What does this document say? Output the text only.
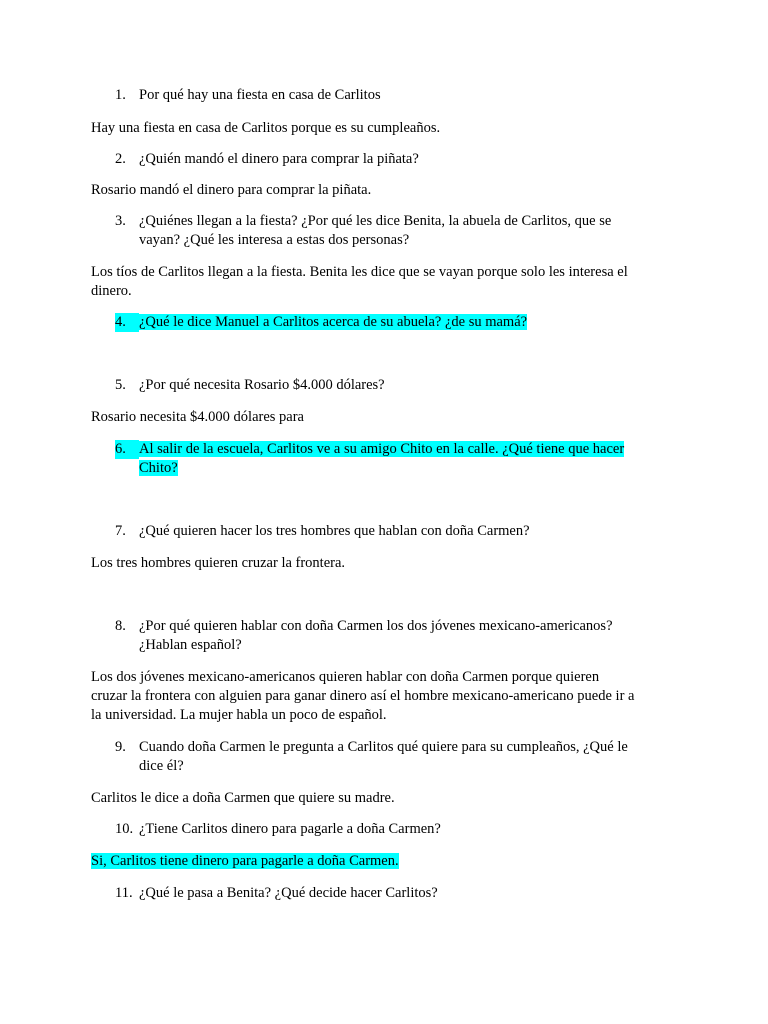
1. Por qué hay una fiesta en casa de Carlitos
Hay una fiesta en casa de Carlitos porque es su cumpleaños.
2. ¿Quién mandó el dinero para comprar la piñata?
Rosario mandó el dinero para comprar la piñata.
3. ¿Quiénes llegan a la fiesta? ¿Por qué les dice Benita, la abuela de Carlitos, que se
vayan? ¿Qué les interesa a estas dos personas?
Los tíos de Carlitos llegan a la fiesta. Benita les dice que se vayan porque solo les interesa el
dinero.
4. ¿Qué le dice Manuel a Carlitos acerca de su abuela? ¿de su mamá?
5. ¿Por qué necesita Rosario $4.000 dólares?
Rosario necesita $4.000 dólares para
6. Al salir de la escuela, Carlitos ve a su amigo Chito en la calle. ¿Qué tiene que hacer
Chito?
7. ¿Qué quieren hacer los tres hombres que hablan con doña Carmen?
Los tres hombres quieren cruzar la frontera.
8. ¿Por qué quieren hablar con doña Carmen los dos jóvenes mexicano-americanos?
¿Hablan español?
Los dos jóvenes mexicano-americanos quieren hablar con doña Carmen porque quieren
cruzar la frontera con alguien para ganar dinero así el hombre mexicano-americano puede ir a
la universidad. La mujer habla un poco de español.
9. Cuando doña Carmen le pregunta a Carlitos qué quiere para su cumpleaños, ¿Qué le
dice él?
Carlitos le dice a doña Carmen que quiere su madre.
10. ¿Tiene Carlitos dinero para pagarle a doña Carmen?
Si, Carlitos tiene dinero para pagarle a doña Carmen.
11. ¿Qué le pasa a Benita? ¿Qué decide hacer Carlitos?
